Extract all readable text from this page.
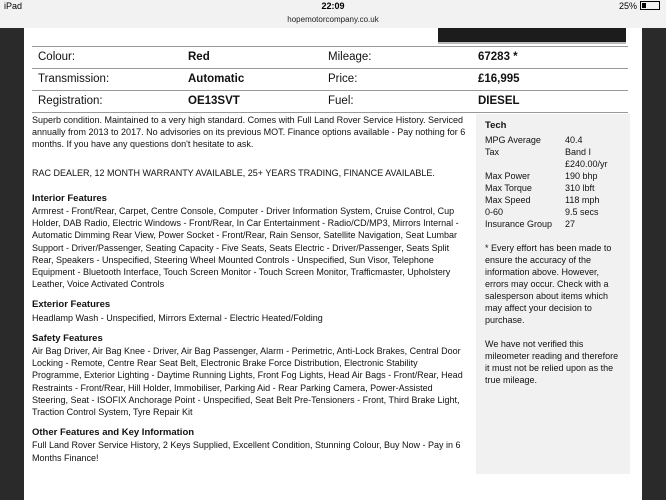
iPad	22:09	25%
hopemotorcompany.co.uk
Colour:	Red	Mileage:	67283 *
Transmission:	Automatic	Price:	£16,995
Registration:	OE13SVT	Fuel:	DIESEL

Superb condition. Maintained to a very high standard. Comes with Full Land Rover Service History. Serviced annually from 2013 to 2017. No advisories on its previous MOT. Finance options available - Pay nothing for 6 months. If you have any questions don't hesitate to ask.

RAC DEALER, 12 MONTH WARRANTY AVAILABLE, 25+ YEARS TRADING, FINANCE AVAILABLE.

Interior Features

Armrest - Front/Rear, Carpet, Centre Console, Computer - Driver Information System, Cruise Control, Cup Holder, DAB Radio, Electric Windows - Front/Rear, In Car Entertainment - Radio/CD/MP3, Mirrors Internal - Automatic Dimming Rear View, Power Socket - Front/Rear, Rain Sensor, Satellite Navigation, Seat Lumbar Support - Driver/Passenger, Seating Capacity - Five Seats, Seats Electric - Driver/Passenger, Seats Split Rear, Speakers - Unspecified, Steering Wheel Mounted Controls - Unspecified, Sun Visor, Telephone Equipment - Bluetooth Interface, Touch Screen Monitor - Touch Screen Monitor, Trafficmaster, Upholstery Leather, Voice Activated Controls

Exterior Features

Headlamp Wash - Unspecified, Mirrors External - Electric Heated/Folding

Safety Features

Air Bag Driver, Air Bag Knee - Driver, Air Bag Passenger, Alarm - Perimetric, Anti-Lock Brakes, Central Door Locking - Remote, Centre Rear Seat Belt, Electronic Brake Force Distribution, Electronic Stability Programme, Exterior Lighting - Daytime Running Lights, Front Fog Lights, Head Air Bags - Front/Rear, Head Restraints - Front/Rear, Hill Holder, Immobiliser, Parking Aid - Rear Parking Camera, Power-Assisted Steering, Seat - ISOFIX Anchorage Point - Unspecified, Seat Belt Pre-Tensioners - Front, Third Brake Light, Traction Control System, Tyre Repair Kit

Other Features and Key Information

Full Land Rover Service History, 2 Keys Supplied, Excellent Condition, Stunning Colour, Buy Now - Pay in 6 Months Finance!

Tech
MPG Average	40.4
Tax	Band I
	£240.00/yr
Max Power	190 bhp
Max Torque	310 lbft
Max Speed	118 mph
0-60	9.5 secs
Insurance Group	27

* Every effort has been made to ensure the accuracy of the information above. However, errors may occur. Check with a salesperson about items which may affect your decision to purchase.

We have not verified this mileometer reading and therefore it must not be relied upon as the true mileage.
